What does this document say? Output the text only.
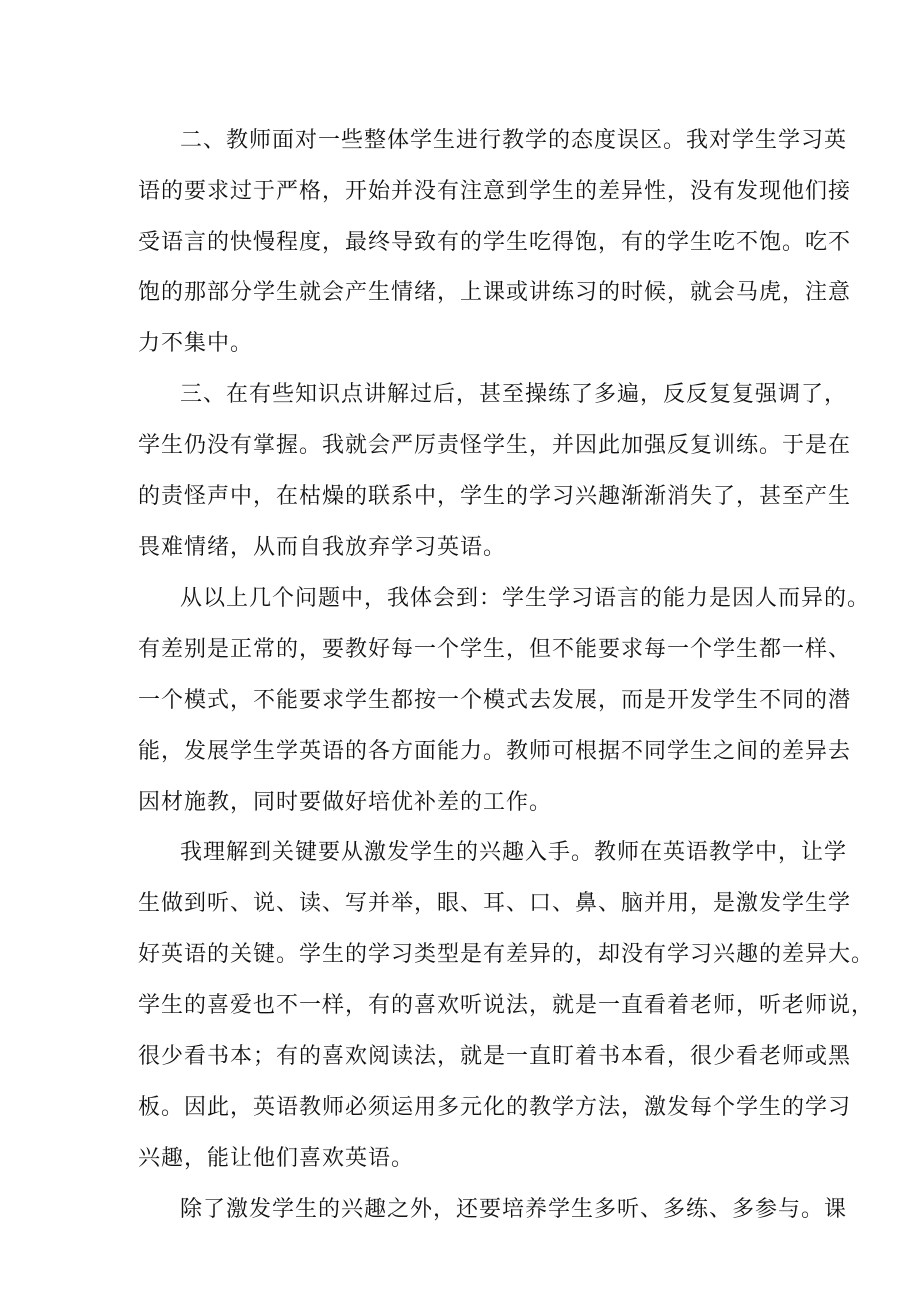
二、教师面对一些整体学生进行教学的态度误区。我对学生学习英
语的要求过于严格，开始并没有注意到学生的差异性，没有发现他们接
受语言的快慢程度，最终导致有的学生吃得饱，有的学生吃不饱。吃不
饱的那部分学生就会产生情绪，上课或讲练习的时候，就会马虎，注意
力不集中。
三、在有些知识点讲解过后，甚至操练了多遍，反反复复强调了，
学生仍没有掌握。我就会严厉责怪学生，并因此加强反复训练。于是在
的责怪声中，在枯燥的联系中，学生的学习兴趣渐渐消失了，甚至产生
畏难情绪，从而自我放弃学习英语。
从以上几个问题中，我体会到：学生学习语言的能力是因人而异的。
有差别是正常的，要教好每一个学生，但不能要求每一个学生都一样、
一个模式，不能要求学生都按一个模式去发展，而是开发学生不同的潜
能，发展学生学英语的各方面能力。教师可根据不同学生之间的差异去
因材施教，同时要做好培优补差的工作。
我理解到关键要从激发学生的兴趣入手。教师在英语教学中，让学
生做到听、说、读、写并举，眼、耳、口、鼻、脑并用，是激发学生学
好英语的关键。学生的学习类型是有差异的，却没有学习兴趣的差异大。
学生的喜爱也不一样，有的喜欢听说法，就是一直看着老师，听老师说，
很少看书本；有的喜欢阅读法，就是一直盯着书本看，很少看老师或黑
板。因此，英语教师必须运用多元化的教学方法，激发每个学生的学习
兴趣，能让他们喜欢英语。
除了激发学生的兴趣之外，还要培养学生多听、多练、多参与。课
